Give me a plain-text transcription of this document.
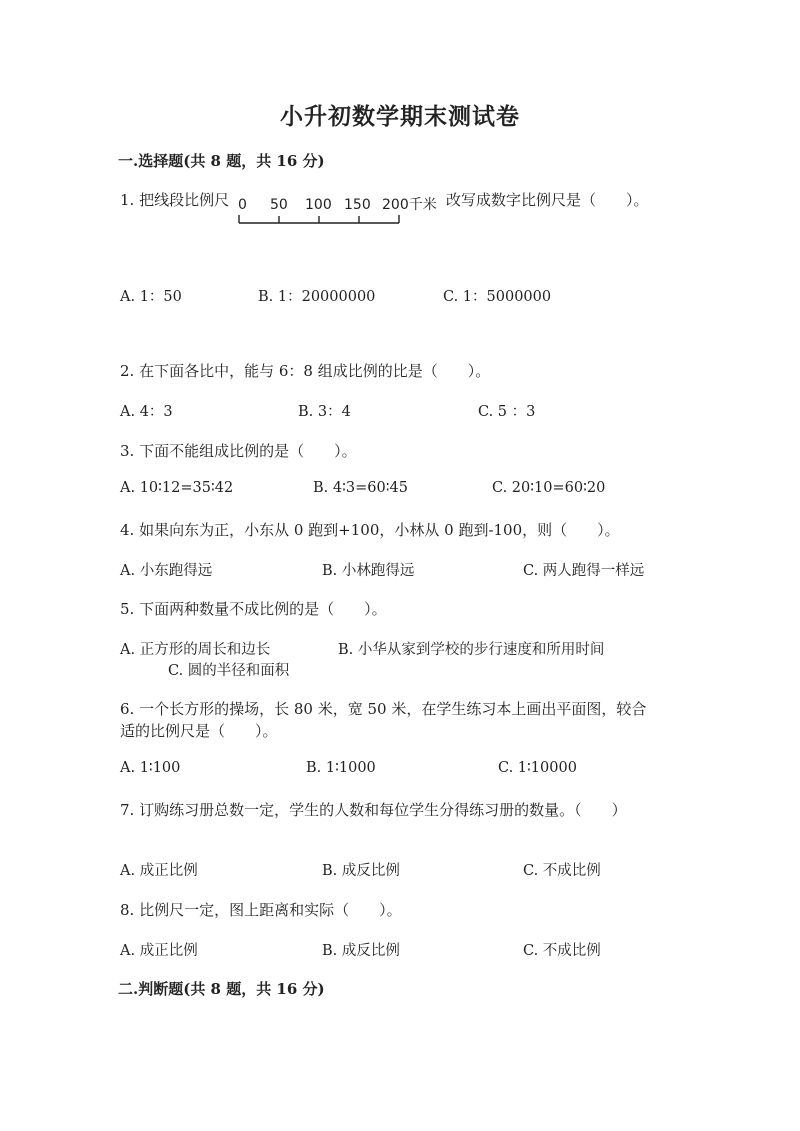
小升初数学期末测试卷
一.选择题(共 8 题，共 16 分)
1. 把线段比例尺 0 50 100 150 200千米 改写成数字比例尺是（　　）。
A. 1：50	B. 1：20000000	C. 1：5000000
2. 在下面各比中，能与 6：8 组成比例的比是（　　）。
A. 4：3	B. 3：4	C. 5 ：3
3. 下面不能组成比例的是（　　）。
A. 10∶12=35∶42	B. 4∶3=60∶45	C. 20∶10=60∶20
4. 如果向东为正，小东从 0 跑到+100，小林从 0 跑到-100，则（　　）。
A. 小东跑得远	B. 小林跑得远	C. 两人跑得一样远
5. 下面两种数量不成比例的是（　　）。
A. 正方形的周长和边长	B. 小华从家到学校的步行速度和所用时间
C. 圆的半径和面积
6. 一个长方形的操场，长 80 米，宽 50 米，在学生练习本上画出平面图，较合
适的比例尺是（　　）。
A. 1∶100	B. 1∶1000	C. 1∶10000
7. 订购练习册总数一定，学生的人数和每位学生分得练习册的数量。（　　）
A. 成正比例	B. 成反比例	C. 不成比例
8. 比例尺一定，图上距离和实际（　　）。
A. 成正比例	B. 成反比例	C. 不成比例
二.判断题(共 8 题，共 16 分)
